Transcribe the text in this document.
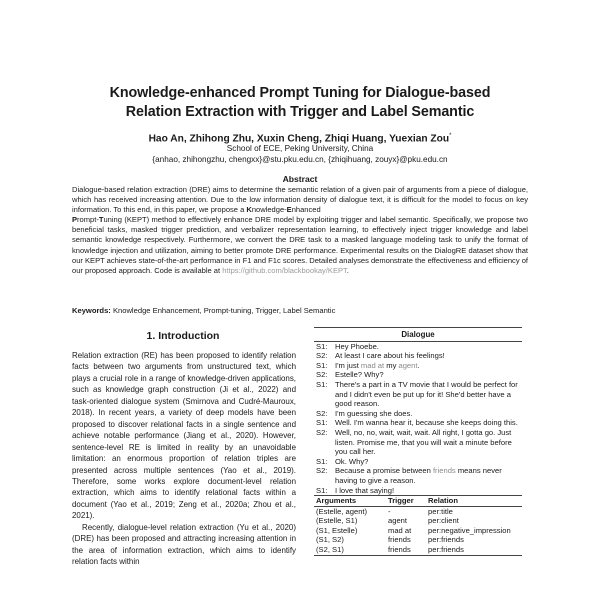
Knowledge-enhanced Prompt Tuning for Dialogue-based
Relation Extraction with Trigger and Label Semantic
Hao An, Zhihong Zhu, Xuxin Cheng, Zhiqi Huang, Yuexian Zou*
School of ECE, Peking University, China
{anhao, zhihongzhu, chengxx}@stu.pku.edu.cn, {zhiqihuang, zouyx}@pku.edu.cn
Abstract
Dialogue-based relation extraction (DRE) aims to determine the semantic relation of a given pair of arguments from a piece of dialogue, which has received increasing attention. Due to the low information density of dialogue text, it is difficult for the model to focus on key information. To this end, in this paper, we propose a Knowledge-Enhanced
Prompt-Tuning (KEPT) method to effectively enhance DRE model by exploiting trigger and label semantic. Specifically, we propose two beneficial tasks, masked trigger prediction, and verbalizer representation learning, to effectively inject trigger knowledge and label semantic knowledge respectively. Furthermore, we convert the DRE task to a masked language modeling task to unify the format of knowledge injection and utilization, aiming to better promote DRE performance. Experimental results on the DialogRE dataset show that our KEPT achieves state-of-the-art performance in F1 and F1c scores. Detailed analyses demonstrate the effectiveness and efficiency of our proposed approach. Code is available at https://github.com/blackbookay/KEPT.
Keywords: Knowledge Enhancement, Prompt-tuning, Trigger, Label Semantic
1. Introduction

Relation extraction (RE) has been proposed to identify relation facts between two arguments from unstructured text, which plays a crucial role in a range of knowledge-driven applications, such as knowledge graph construction (Ji et al., 2022) and task-oriented dialogue system (Smirnova and Cudré-Mauroux, 2018). In recent years, a variety of deep models have been proposed to discover relational facts in a single sentence and achieve notable performance (Jiang et al., 2020). However, sentence-level RE is limited in reality by an unavoidable limitation: an enormous proportion of relation triples are presented across multiple sentences (Yao et al., 2019). Therefore, some works explore document-level relation extraction, which aims to identify relational facts within a document (Yao et al., 2019; Zeng et al., 2020a; Zhou et al., 2021).

Recently, dialogue-level relation extraction (Yu et al., 2020) (DRE) has been proposed and attracting increasing attention in the area of information extraction, which aims to identify relation facts within

Dialogue
S1: Hey Phoebe.
S2: At least I care about his feelings!
S1: I'm just mad at my agent.
S2: Estelle? Why?
S1: There's a part in a TV movie that I would be perfect for and I didn't even be put up for it! She'd better have a good reason.
S2: I'm guessing she does.
S1: Well. I'm wanna hear it, because she keeps doing this.
S2: Well, no, no, wait, wait, wait. All right, I gotta go. Just listen. Promise me, that you will wait a minute before you call her.
S1: Ok. Why?
S2: Because a promise between friends means never having to give a reason.
S1: I love that saying!
Arguments	Trigger	Relation
(Estelle, agent)	-	per:title
(Estelle, S1)	agent	per:client
(S1, Estelle)	mad at	per:negative_impression
(S1, S2)	friends	per:friends
(S2, S1)	friends	per:friends
